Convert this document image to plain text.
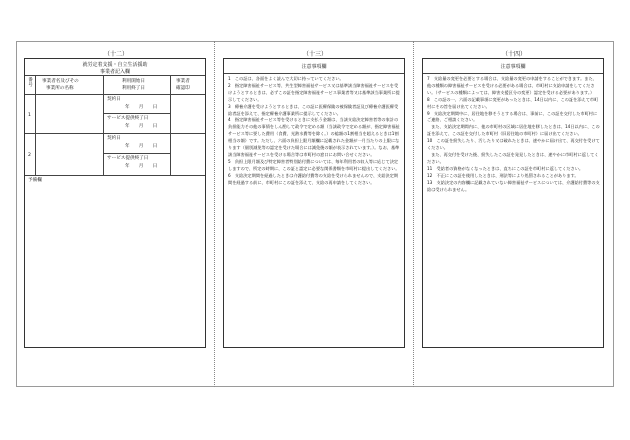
（十二）	（十三）	（十四）
就労定着支援・自立生活援助
事業者記入欄
番号
事業者名及びその
事業所の名称
利用開始日
利用終了日
事業者
確認印
1
契約日
年　　月　　日
サービス提供終了日
年　　月　　日
2
契約日
年　　月　　日
サービス提供終了日
年　　月　　日
予備欄
注意事項欄

1　この証は、各面をよく読んで大切に持っていてください。

2　指定障害福祉サービス等、共生型障害福祉サービス又は基準該当障害福祉サービスを受けようとするときは、必ずこの証を指定障害福祉サービス事業者等又は基準該当事業所に提示してください。

3　療養介護を受けようとするときは、この証に医療保険の被保険者証及び療養介護医療受給者証を添えて、指定療養介護事業所に提示してください。

4　指定障害福祉サービス等を受けるときに支払う金額は、当該支給決定障害者等の家計の負担能力その他の事情をしん酌して政令で定める額（当該政令で定める額が、指定障害福祉サービス等に要した費用（食費、光熱水費等を除く。）の総額の1割相当を超えるときは1割相当の額）です。ただし、六面の負担上限月額欄に記載された金額が一月当たりの上限になります（個別減免等の認定を受けた場合には減免後の額が表示されています。）。なお、基準該当障害福祉サービスを受ける場合等は市町村の窓口にお問い合せください。

5　負担上限月額及び特定障害者特別給付費については、毎年利用者の収入等に応じて決定しますので、所定の時期に、この証と認定に必要な関係書類を市町村に提出してください。

6　支給決定期間を経過したときは介護給付費等の支給を受けられませんので、支給決定期間を経過する前に、市町村にこの証を添えて、支給の再申請をしてください。

注意事項欄

7　支給量の変更を必要とする場合は、支給量の変更の申請をすることができます。また、他の種類の障害福祉サービスを受ける必要がある場合は、市町村に支給申請をしてください。（サービスの種類によっては、障害支援区分の変更）認定を受ける必要があります。）

8　この証の一、六面の記載事項に変更があったときは、14日以内に、この証を添えて市町村にその旨を届け出てください。

9　支給決定期間中に、居住地を移そうとする場合は、事前に、この証を交付した市町村にご連絡、ご相談ください。

また、支給決定期間内に、他の市町村の区域に居住地を移したときは、14日以内に、この証を添えて、この証を交付した市町村（旧居住地の市町村）に届け出てください。

10　この証を紛失したり、汚したり又は破れたときは、速やかに届け出て、再交付を受けてください。

また、再交付を受けた後、紛失したこの証を発見したときは、速やかに市町村に返してください。

11　受給者の資格がなくなったときは、直ちにこの証を市町村に返してください。

12　不正にこの証を使用したときは、刑法等により処罰されることがあります。

13　支給決定の内容欄に記載されていない障害福祉サービスについては、介護給付費等の支給は受けられません。
